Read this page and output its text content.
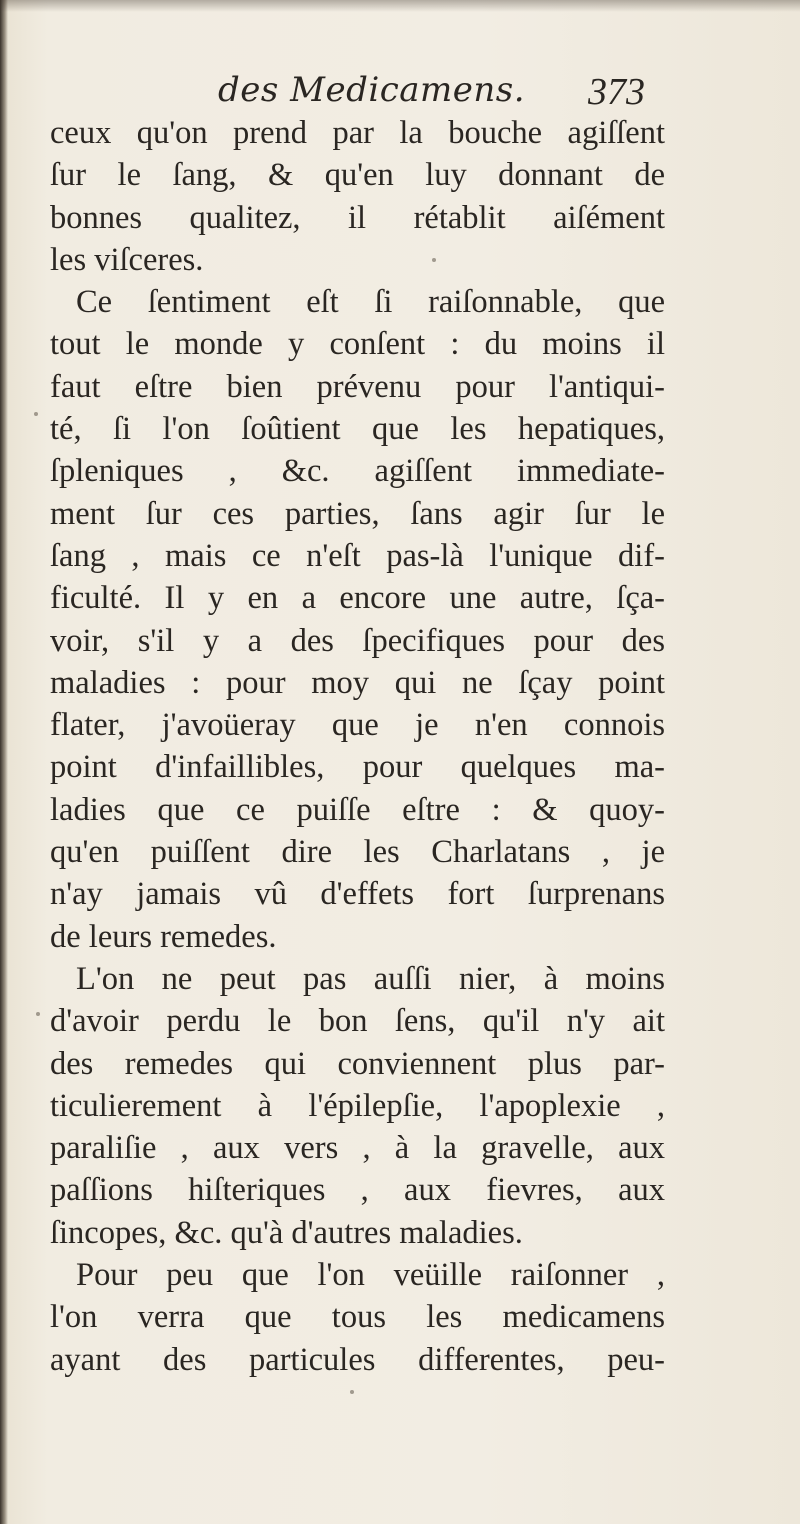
des Medicamens. 373
ceux qu'on prend par la bouche agiſſent
ſur le ſang, & qu'en luy donnant de
bonnes qualitez, il rétablit aiſément
les viſceres.
Ce ſentiment eſt ſi raiſonnable, que
tout le monde y conſent : du moins il
faut eſtre bien prévenu pour l'antiqui-
té, ſi l'on ſoûtient que les hepatiques,
ſpleniques , &c. agiſſent immediate-
ment ſur ces parties, ſans agir ſur le
ſang , mais ce n'eſt pas-là l'unique dif-
ficulté. Il y en a encore une autre, ſça-
voir, s'il y a des ſpecifiques pour des
maladies : pour moy qui ne ſçay point
flater, j'avoüeray que je n'en connois
point d'infaillibles, pour quelques ma-
ladies que ce puiſſe eſtre : & quoy-
qu'en puiſſent dire les Charlatans , je
n'ay jamais vû d'effets fort ſurprenans
de leurs remedes.
L'on ne peut pas auſſi nier, à moins
d'avoir perdu le bon ſens, qu'il n'y ait
des remedes qui conviennent plus par-
ticulierement à l'épilepſie, l'apoplexie ,
paraliſie , aux vers , à la gravelle, aux
paſſions hiſteriques , aux fievres, aux
ſincopes, &c. qu'à d'autres maladies.
Pour peu que l'on veüille raiſonner ,
l'on verra que tous les medicamens
ayant des particules differentes, peu-
